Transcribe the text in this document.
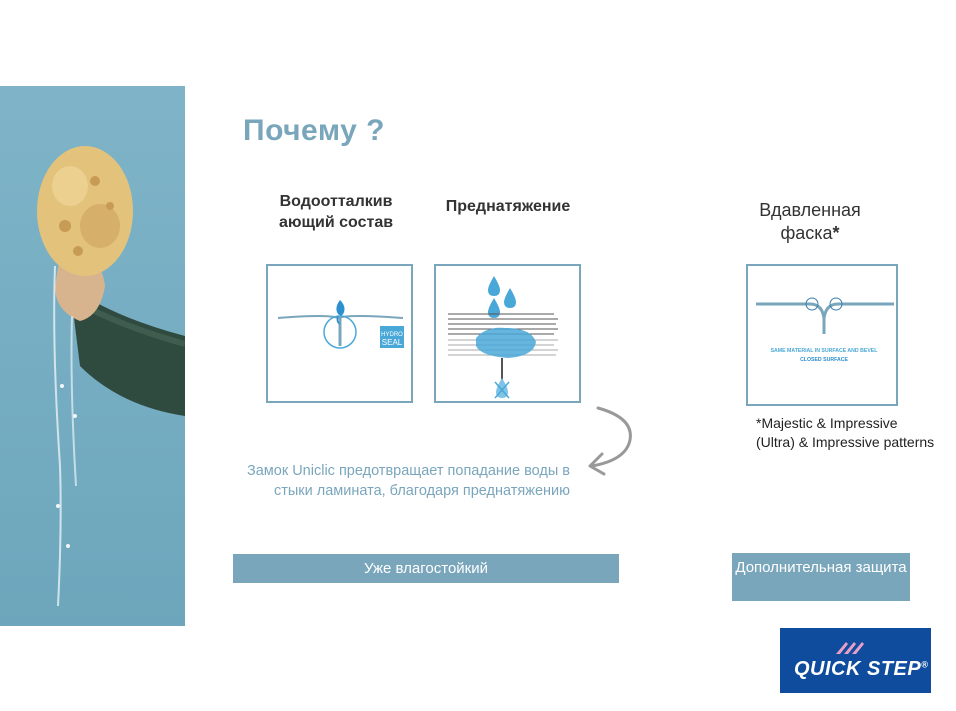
Почему ?
Водоотталкив ающий состав
Преднатяжение	Вдавленная фаска*
HYDRO
SEAL
SAME MATERIAL IN SURFACE AND BEVEL
CLOSED SURFACE
*Majestic & Impressive (Ultra) & Impressive patterns
Замок Uniclic предотвращает попадание воды в стыки ламината, благодаря преднатяжению
Уже влагостойкий	Дополнительная защита
QUICK STEP®
